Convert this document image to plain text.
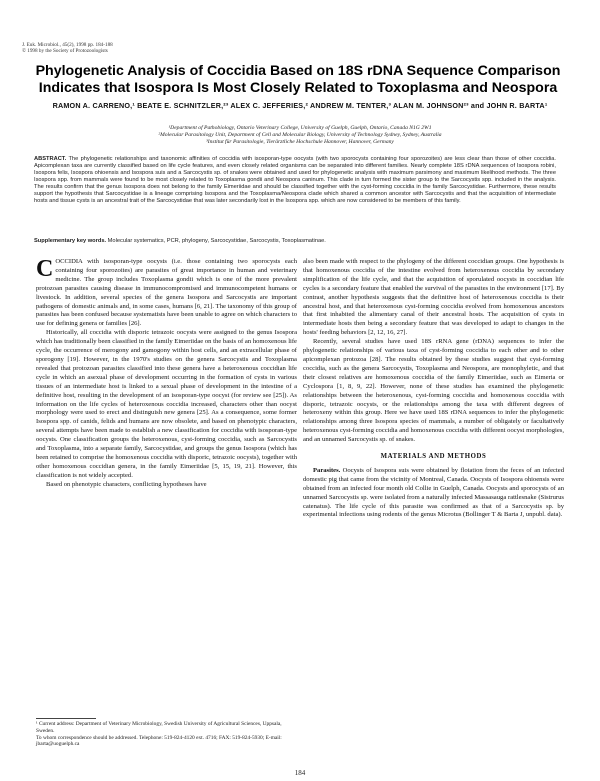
J. Euk. Microbiol., 45(2), 1998 pp. 184-188
© 1998 by the Society of Protozoologists
Phylogenetic Analysis of Coccidia Based on 18S rDNA Sequence Comparison Indicates that Isospora Is Most Closely Related to Toxoplasma and Neospora
RAMON A. CARRENO,¹ BEATE E. SCHNITZLER,²³ ALEX C. JEFFERIES,² ANDREW M. TENTER,³ ALAN M. JOHNSON²³ and JOHN R. BARTA¹
¹Department of Pathobiology, Ontario Veterinary College, University of Guelph, Guelph, Ontario, Canada N1G 2W1
²Molecular Parasitology Unit, Department of Cell and Molecular Biology, University of Technology Sydney, Sydney, Australia
³Institut für Parasitologie, Tierärztliche Hochschule Hannover, Hannover, Germany
ABSTRACT. The phylogenetic relationships and taxonomic affinities of coccidia with isosporan-type oocysts (with two sporocysts containing four sporozoites) are less clear than those of other coccidia. Apicomplexan taxa are currently classified based on life cycle features, and even closely related organisms can be separated into different families. Nearly complete 18S rDNA sequences of Isospora robini, Isospora felis, Isospora ohioensis and Isospora suis and a Sarcocystis sp. of snakes were obtained and used for phylogenetic analysis with maximum parsimony and maximum likelihood methods. The three Isospora spp. from mammals were found to be most closely related to Toxoplasma gondii and Neospora caninum. This clade in turn formed the sister group to the Sarcocystis spp. included in the analysis. The results confirm that the genus Isospora does not belong to the family Eimeriidae and should be classified together with the cyst-forming coccidia in the family Sarcocystidae. Furthermore, these results support the hypothesis that Sarcocystidae is a lineage comprising Isospora and the Toxoplasma/Neospora clade which shared a common ancestor with Sarcocystis and that the acquisition of intermediate hosts and tissue cysts is an ancestral trait of the Sarcocystidae that was later secondarily lost in the Isospora spp. which are now considered to be members of this family.
Supplementary key words. Molecular systematics, PCR, phylogeny, Sarcocystidae, Sarcocystis, Toxoplasmatinae.

COCCIDIA with isosporan-type oocysts (i.e. those containing two sporocysts each containing four sporozoites) are parasites of great importance in human and veterinary medicine. The group includes Toxoplasma gondii which is one of the more prevalent protozoan parasites causing disease in immunocompromised and immunocompetent humans or livestock. In addition, several species of the genera Isospora and Sarcocystis are important pathogens of domestic animals and, in some cases, humans [6, 21]. The taxonomy of this group of parasites has been confused because systematists have been unable to agree on which characters to use for defining genera or families [26].

Historically, all coccidia with disporic tetrazoic oocysts were assigned to the genus Isospora which has traditionally been classified in the family Eimeriidae on the basis of an homoxenous life cycle, the occurrence of merogony and gamogony within host cells, and an extracellular phase of sporogony [19]. However, in the 1970's studies on the genera Sarcocystis and Toxoplasma revealed that protozoan parasites classified into these genera have a heteroxenous coccidian life cycle in which an asexual phase of development occurring in the formation of cysts in various tissues of an intermediate host is linked to a sexual phase of development in the intestine of a definitive host, resulting in the development of an isosporan-type oocyst (for review see [25]). As information on the life cycles of heteroxenous coccidia increased, characters other than oocyst morphology were used to erect and distinguish new genera [25]. As a consequence, some former Isospora spp. of canids, felids and humans are now obsolete, and based on phenotypic characters, several attempts have been made to establish a new classification for coccidia with isosporan-type oocysts. One classification groups the heteroxenous, cyst-forming coccidia, such as Sarcocystis and Toxoplasma, into a separate family, Sarcocystidae, and groups the genus Isospora (which has been retained to comprise the homoxenous coccidia with disporic, tetrazoic oocysts), together with other homoxenous coccidian genera, in the family Eimeriidae [5, 15, 19, 21]. However, this classification is not widely accepted.

Based on phenotypic characters, conflicting hypotheses have

also been made with respect to the phylogeny of the different coccidian groups. One hypothesis is that homoxenous coccidia of the intestine evolved from heteroxenous coccidia by secondary simplification of the life cycle, and that the acquisition of sporulated oocysts in coccidian life cycles is a secondary feature that enabled the survival of the parasites in the environment [17]. By contrast, another hypothesis suggests that the definitive host of heteroxenous coccidia is their ancestral host, and that heteroxenous cyst-forming coccidia evolved from homoxenous ancestors that first inhabited the alimentary canal of their ancestral hosts. The acquisition of cysts in intermediate hosts then being a secondary feature that was developed to adapt to changes in the hosts' feeding behaviors [2, 12, 16, 27].

Recently, several studies have used 18S rRNA gene (rDNA) sequences to infer the phylogenetic relationships of various taxa of cyst-forming coccidia to each other and to other apicomplexan protozoa [28]. The results obtained by these studies suggest that cyst-forming coccidia, such as the genera Sarcocystis, Toxoplasma and Neospora, are monophyletic, and that their closest relatives are homoxenous coccidia of the family Eimeriidae, such as Eimeria or Cyclospora [1, 8, 9, 22]. However, none of these studies has examined the phylogenetic relationships between the heteroxenous, cyst-forming coccidia and homoxenous coccidia with disporic, tetrazoic oocysts, or the relationships among the taxa with different degrees of heteroxeny within this group. Here we have used 18S rDNA sequences to infer the phylogenetic relationships among three Isospora species of mammals, a number of obligately or facultatively heteroxenous cyst-forming coccidia and homoxenous coccidia with different oocyst morphologies, and an unnamed Sarcocystis sp. of snakes.

MATERIALS AND METHODS

Parasites. Oocysts of Isospora suis were obtained by flotation from the feces of an infected domestic pig that came from the vicinity of Montreal, Canada. Oocysts of Isospora ohioensis were obtained from an infected four month old Collie in Guelph, Canada. Oocysts and sporocysts of an unnamed Sarcocystis sp. were isolated from a naturally infected Massasauga rattlesnake (Sistrurus catenatus). The life cycle of this parasite was confirmed as that of a Sarcocystis sp. by experimental infections using rodents of the genus Microtus (Bollinger T & Barta J, unpubl. data).

¹ Current address: Department of Veterinary Microbiology, Swedish University of Agricultural Sciences, Uppsala, Sweden.

To whom correspondence should be addressed. Telephone: 519-824-4120 ext. 4716; FAX: 519-824-5930; E-mail: jbarta@uoguelph.ca

184
